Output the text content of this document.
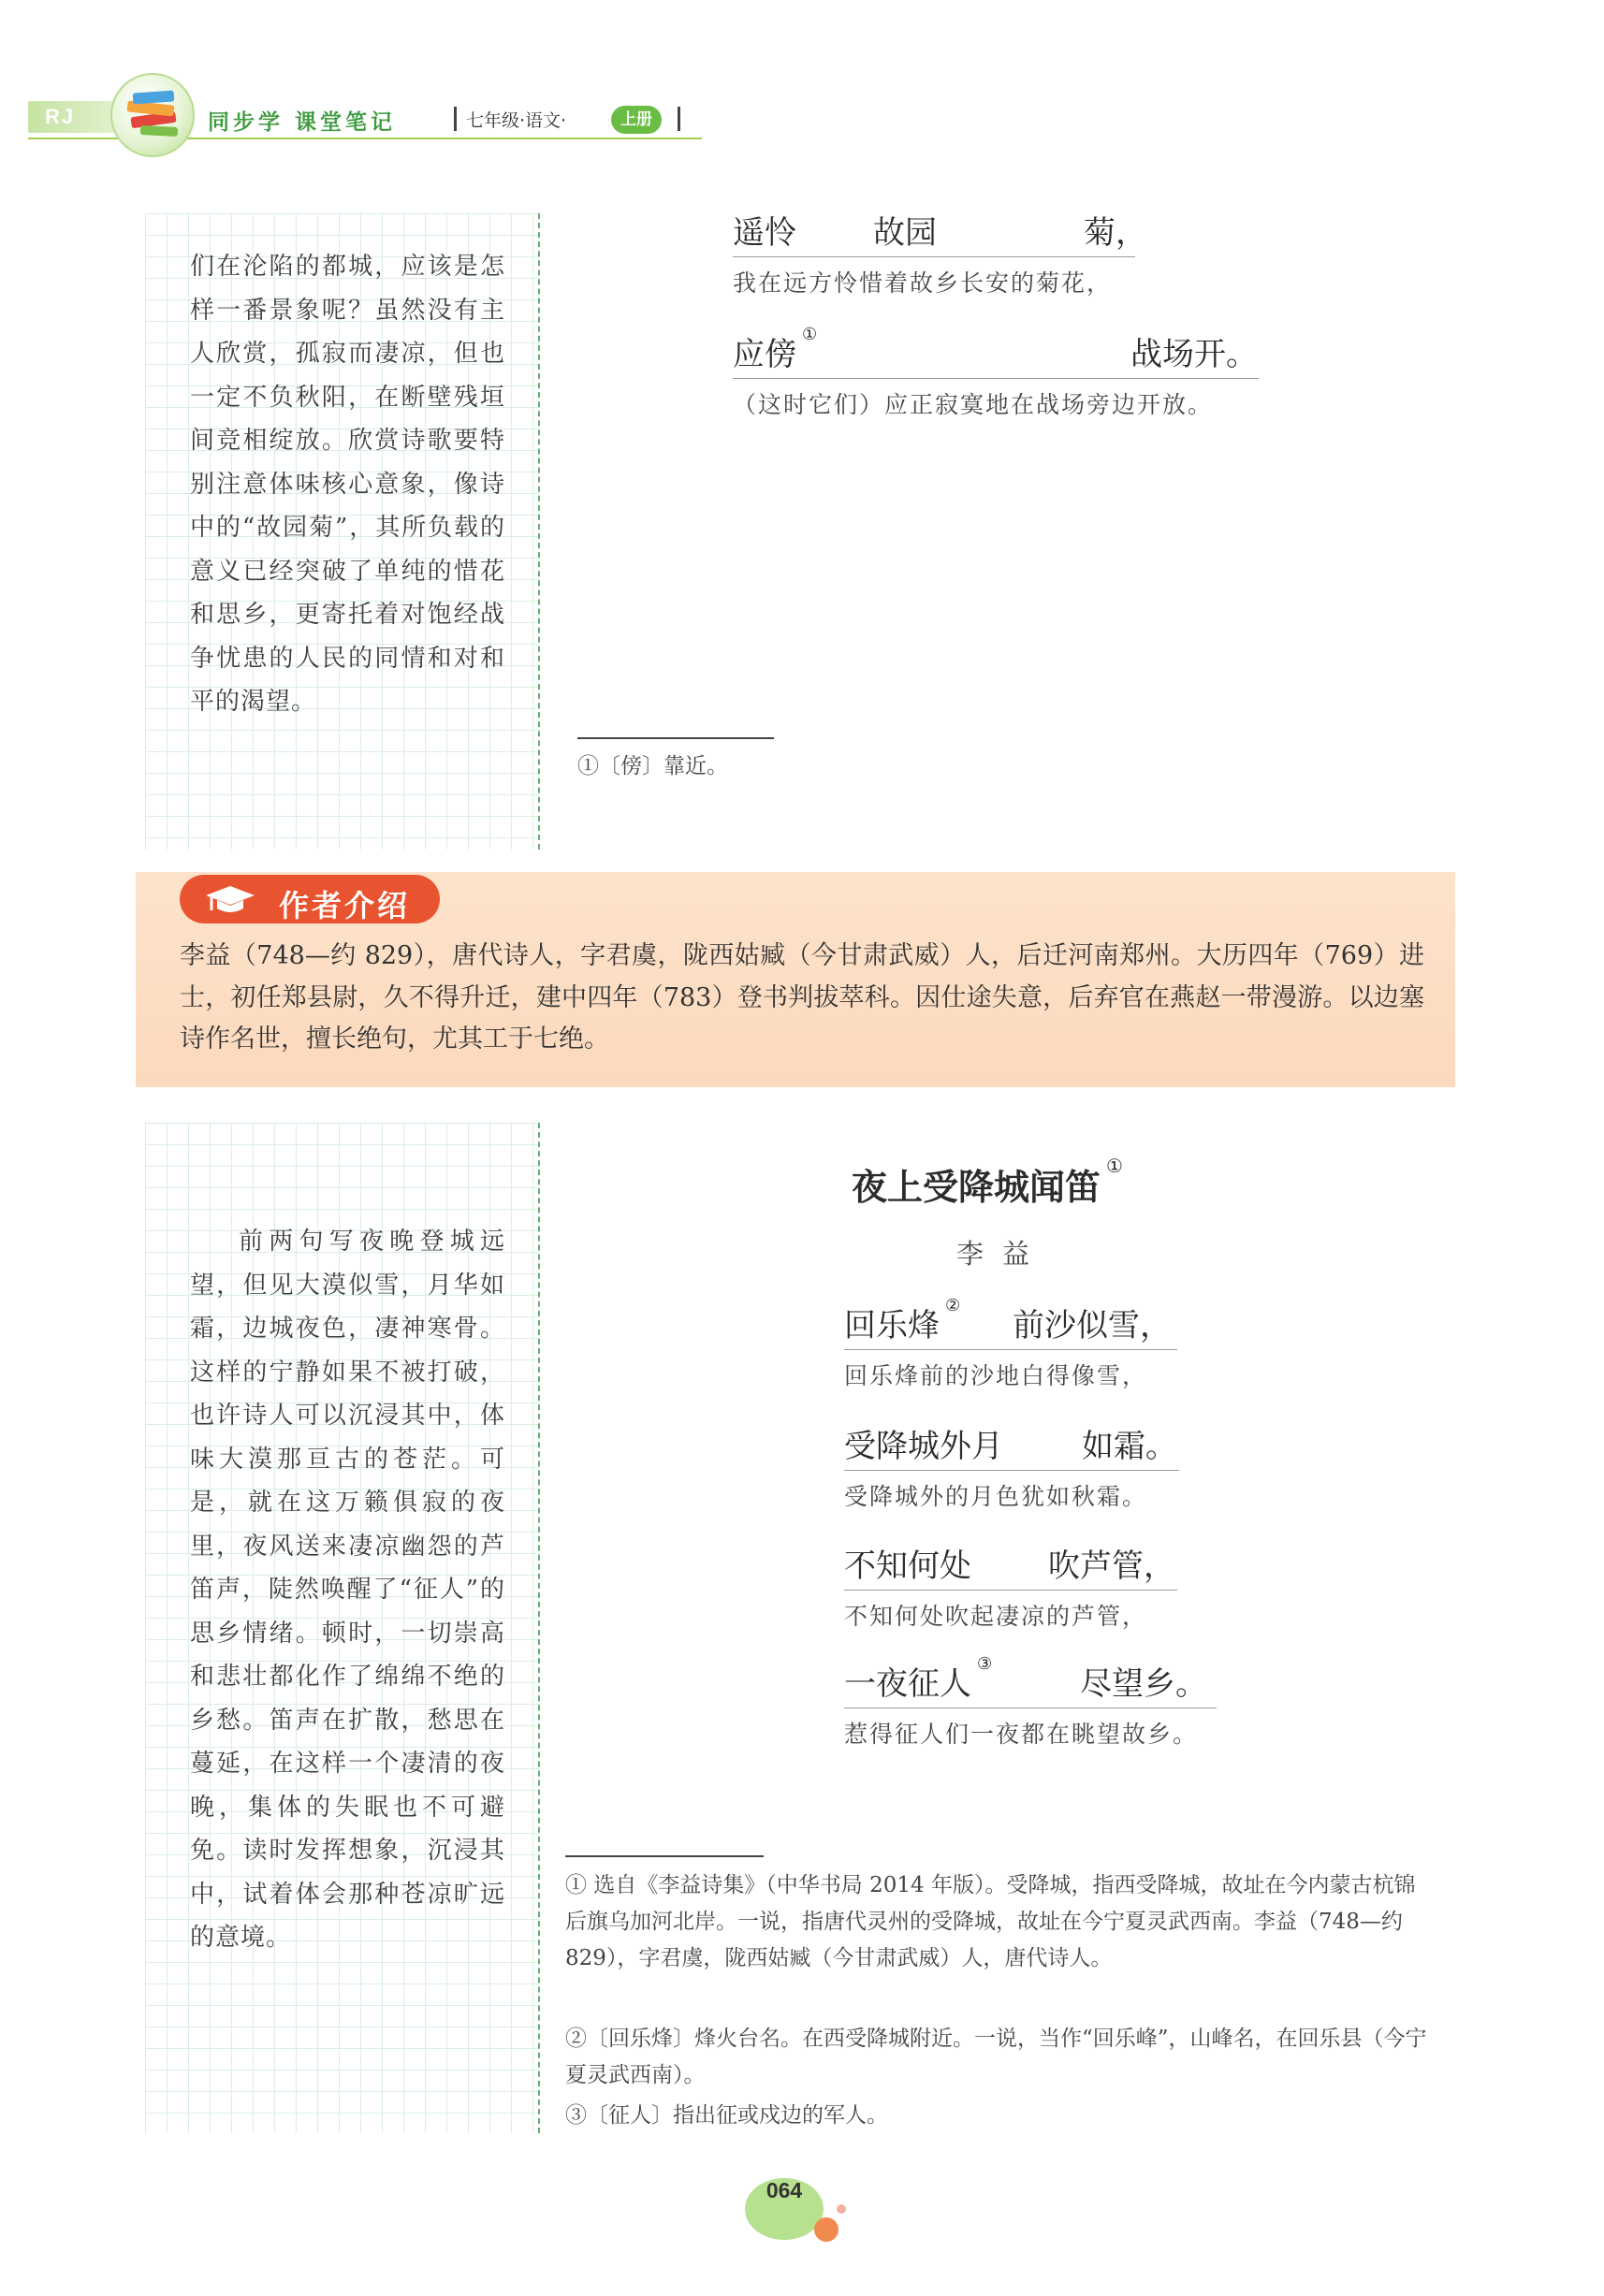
RJ	同步学 课堂笔记	七年级·语文·	上册
们在沦陷的都城，应该是怎样一番景象呢？虽然没有主人欣赏，孤寂而凄凉，但也一定不负秋阳，在断壁残垣间竞相绽放。欣赏诗歌要特别注意体味核心意象，像诗中的“故园菊”，其所负载的意义已经突破了单纯的惜花和思乡，更寄托着对饱经战争忧患的人民的同情和对和平的渴望。
遥怜 故园	菊，
我在远方怜惜着故乡长安的菊花，
应傍①
战场开。
（这时它们）应正寂寞地在战场旁边开放。
①〔傍〕靠近。
作者介绍
李益（748—约 829），唐代诗人，字君虞，陇西姑臧（今甘肃武威）人，后迁河南郑州。大历四年（769）进士，初任郑县尉，久不得升迁，建中四年（783）登书判拔萃科。因仕途失意，后弃官在燕赵一带漫游。以边塞诗作名世，擅长绝句，尤其工于七绝。
前两句写夜晚登城远望，但见大漠似雪，月华如霜，边城夜色，凄神寒骨。这样的宁静如果不被打破，也许诗人可以沉浸其中，体味大漠那亘古的苍茫。可是，就在这万籁俱寂的夜里，夜风送来凄凉幽怨的芦笛声，陡然唤醒了“征人”的思乡情绪。顿时，一切崇高和悲壮都化作了绵绵不绝的乡愁。笛声在扩散，愁思在蔓延，在这样一个凄清的夜晚，集体的失眠也不可避免。读时发挥想象，沉浸其中，试着体会那种苍凉旷远的意境。
夜上受降城闻笛①
李益
回乐烽②
前沙似雪，
回乐烽前的沙地白得像雪，
受降城外月 如霜。
受降城外的月色犹如秋霜。
不知何处 吹芦管，
不知何处吹起凄凉的芦管，
一夜征人③
尽望乡。
惹得征人们一夜都在眺望故乡。
① 选自《李益诗集》（中华书局 2014 年版）。受降城，指西受降城，故址在今内蒙古杭锦后旗乌加河北岸。一说，指唐代灵州的受降城，故址在今宁夏灵武西南。李益（748—约 829），字君虞，陇西姑臧（今甘肃武威）人，唐代诗人。
②〔回乐烽〕烽火台名。在西受降城附近。一说，当作“回乐峰”，山峰名，在回乐县（今宁夏灵武西南）。
③〔征人〕指出征或戍边的军人。
064
